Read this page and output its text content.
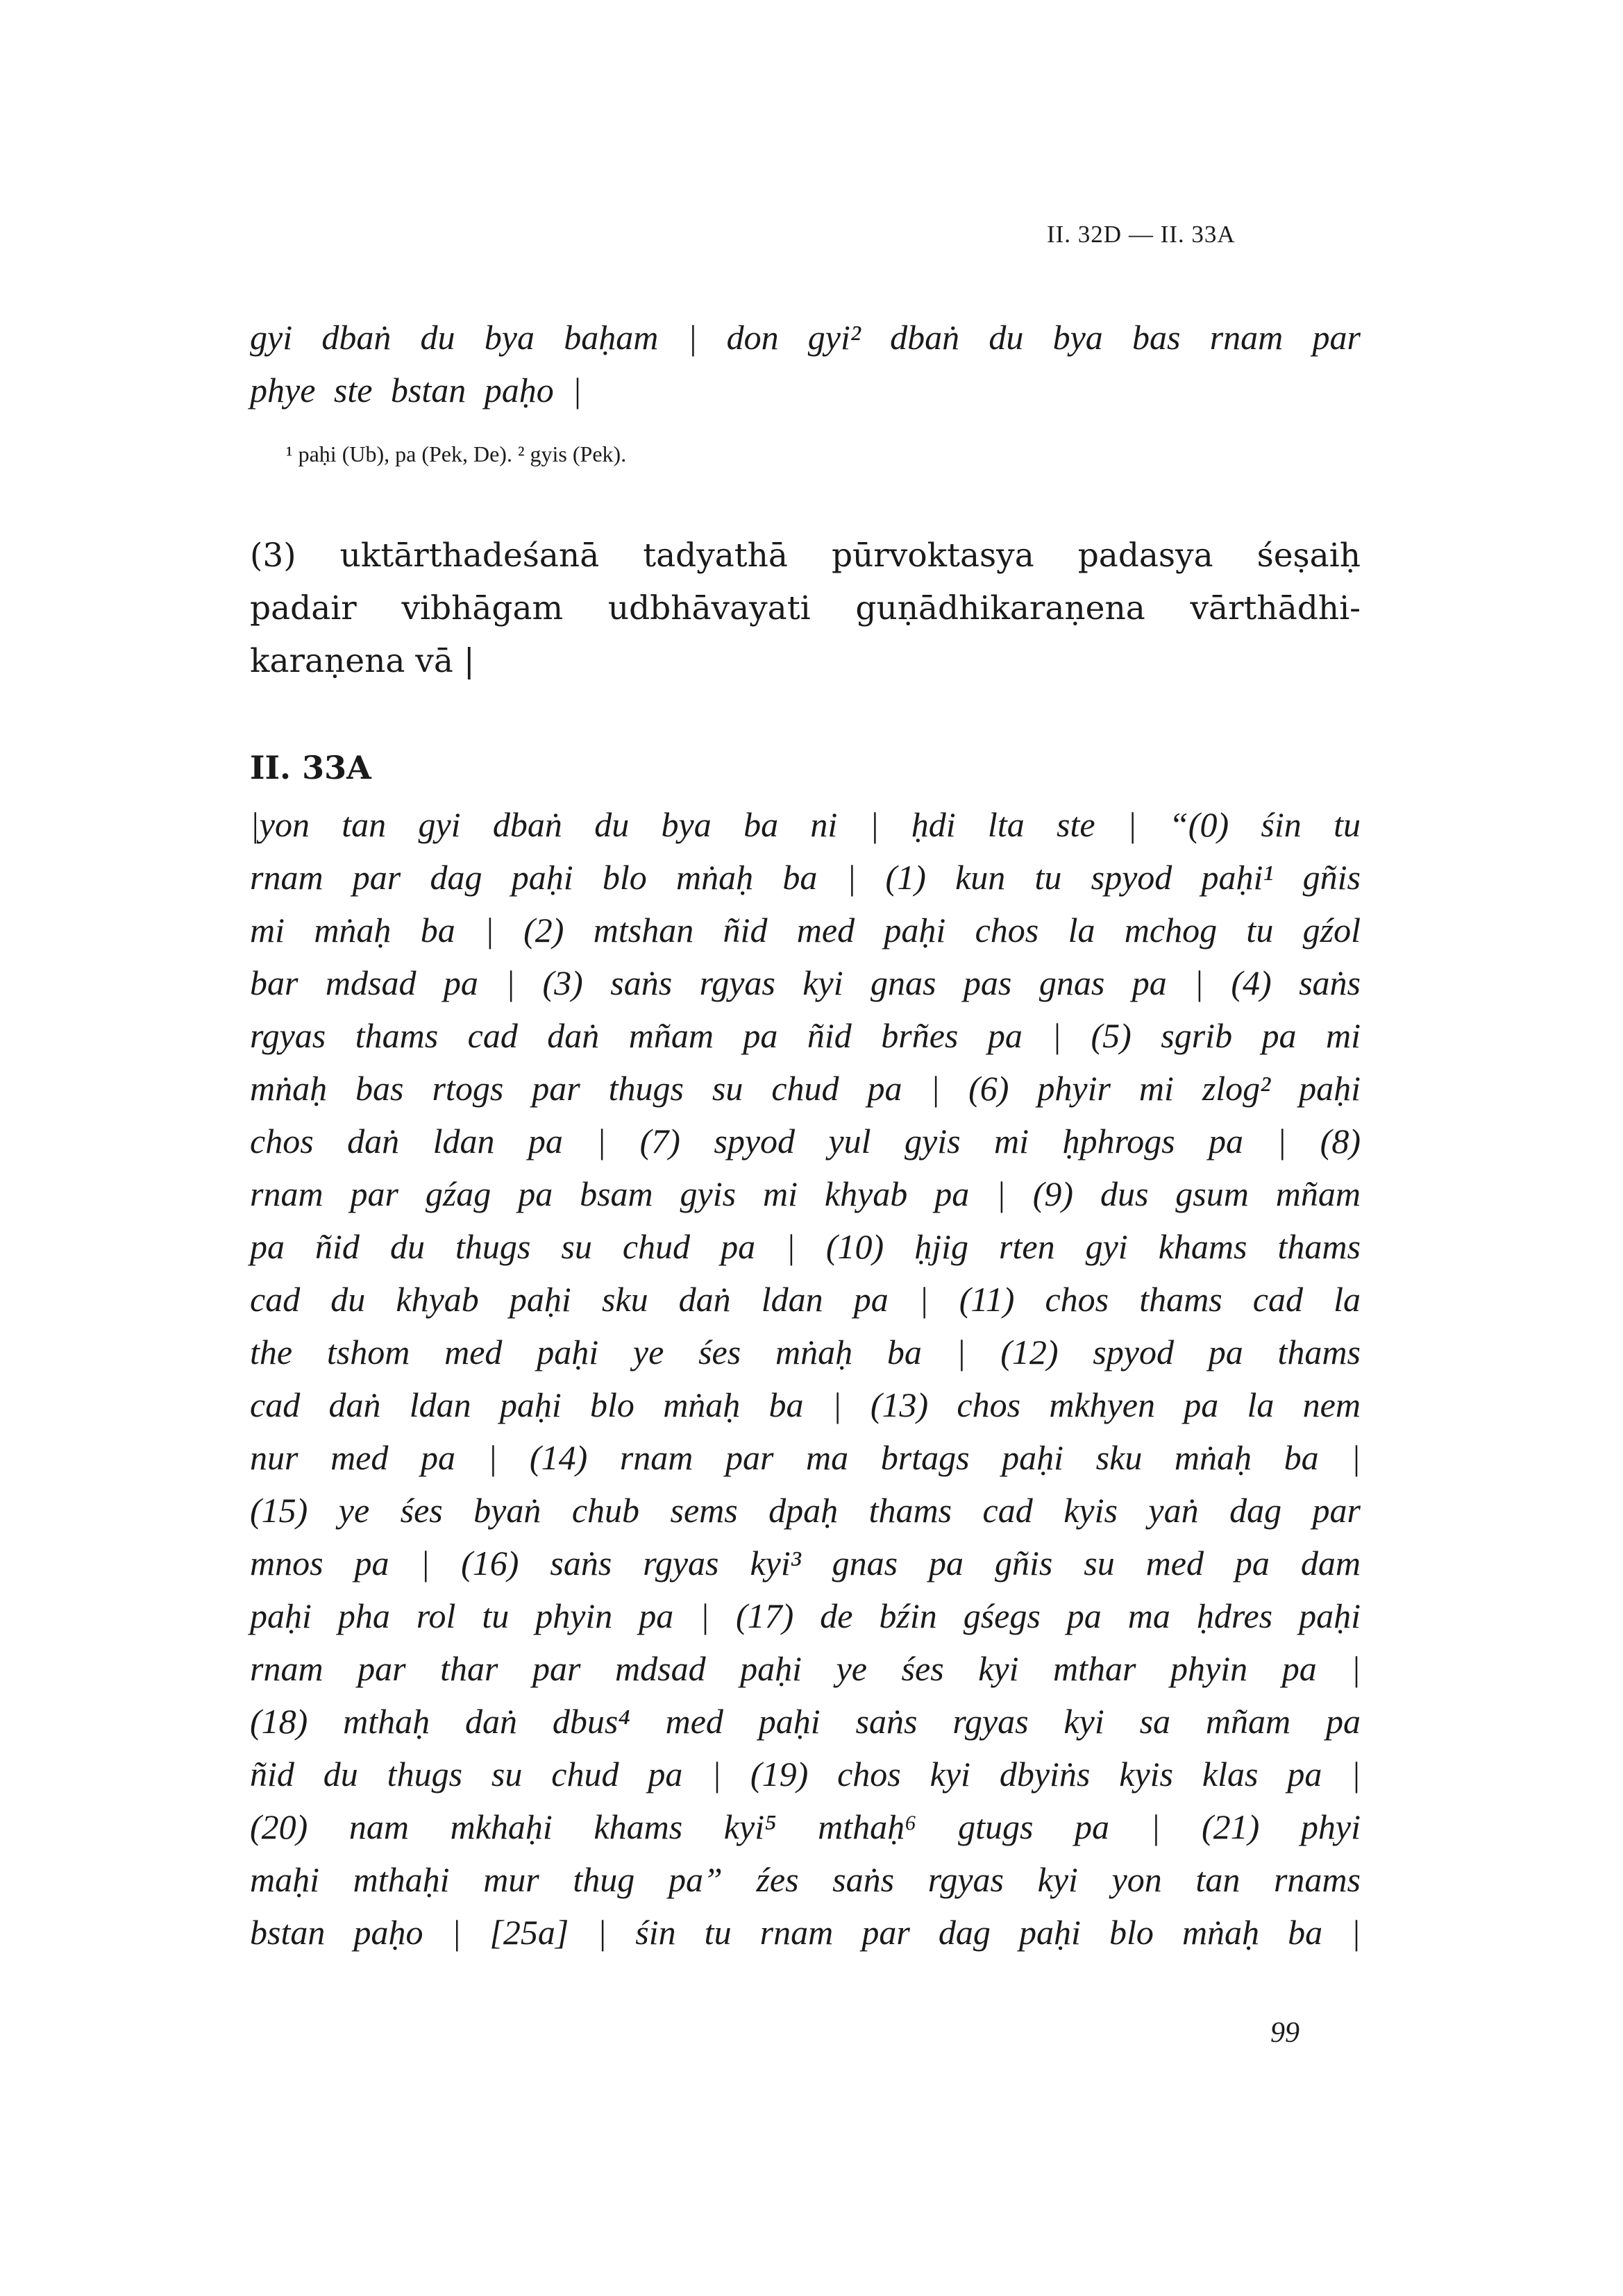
II. 32D — II. 33A

gyi dbaṅ du bya baḥam | don gyi² dbaṅ du bya bas rnam par
phye ste bstan paḥo |

¹ paḥi (Ub), pa (Pek, De). ² gyis (Pek).

(3) uktārthadeśanā tadyathā pūrvoktasya padasya śeṣaiḥ
padair vibhāgam udbhāvayati guṇādhikaraṇena vārthādhi-
karaṇena vā |

II. 33A

|yon tan gyi dbaṅ du bya ba ni | ḥdi lta ste | “(0) śin tu
rnam par dag paḥi blo mṅaḥ ba | (1) kun tu spyod paḥi¹ gñis
mi mṅaḥ ba | (2) mtshan ñid med paḥi chos la mchog tu gźol
bar mdsad pa | (3) saṅs rgyas kyi gnas pas gnas pa | (4) saṅs
rgyas thams cad daṅ mñam pa ñid brñes pa | (5) sgrib pa mi
mṅaḥ bas rtogs par thugs su chud pa | (6) phyir mi zlog² paḥi
chos daṅ ldan pa | (7) spyod yul gyis mi ḥphrogs pa | (8)
rnam par gźag pa bsam gyis mi khyab pa | (9) dus gsum mñam
pa ñid du thugs su chud pa | (10) ḥjig rten gyi khams thams
cad du khyab paḥi sku daṅ ldan pa | (11) chos thams cad la
the tshom med paḥi ye śes mṅaḥ ba | (12) spyod pa thams
cad daṅ ldan paḥi blo mṅaḥ ba | (13) chos mkhyen pa la nem
nur med pa | (14) rnam par ma brtags paḥi sku mṅaḥ ba |
(15) ye śes byaṅ chub sems dpaḥ thams cad kyis yaṅ dag par
mnos pa | (16) saṅs rgyas kyi³ gnas pa gñis su med pa dam
paḥi pha rol tu phyin pa | (17) de bźin gśegs pa ma ḥdres paḥi
rnam par thar par mdsad paḥi ye śes kyi mthar phyin pa |
(18) mthaḥ daṅ dbus⁴ med paḥi saṅs rgyas kyi sa mñam pa
ñid du thugs su chud pa | (19) chos kyi dbyiṅs kyis klas pa |
(20) nam mkhaḥi khams kyi⁵ mthaḥ⁶ gtugs pa | (21) phyi
maḥi mthaḥi mur thug pa” źes saṅs rgyas kyi yon tan rnams
bstan paḥo | [25a] | śin tu rnam par dag paḥi blo mṅaḥ ba |

99
